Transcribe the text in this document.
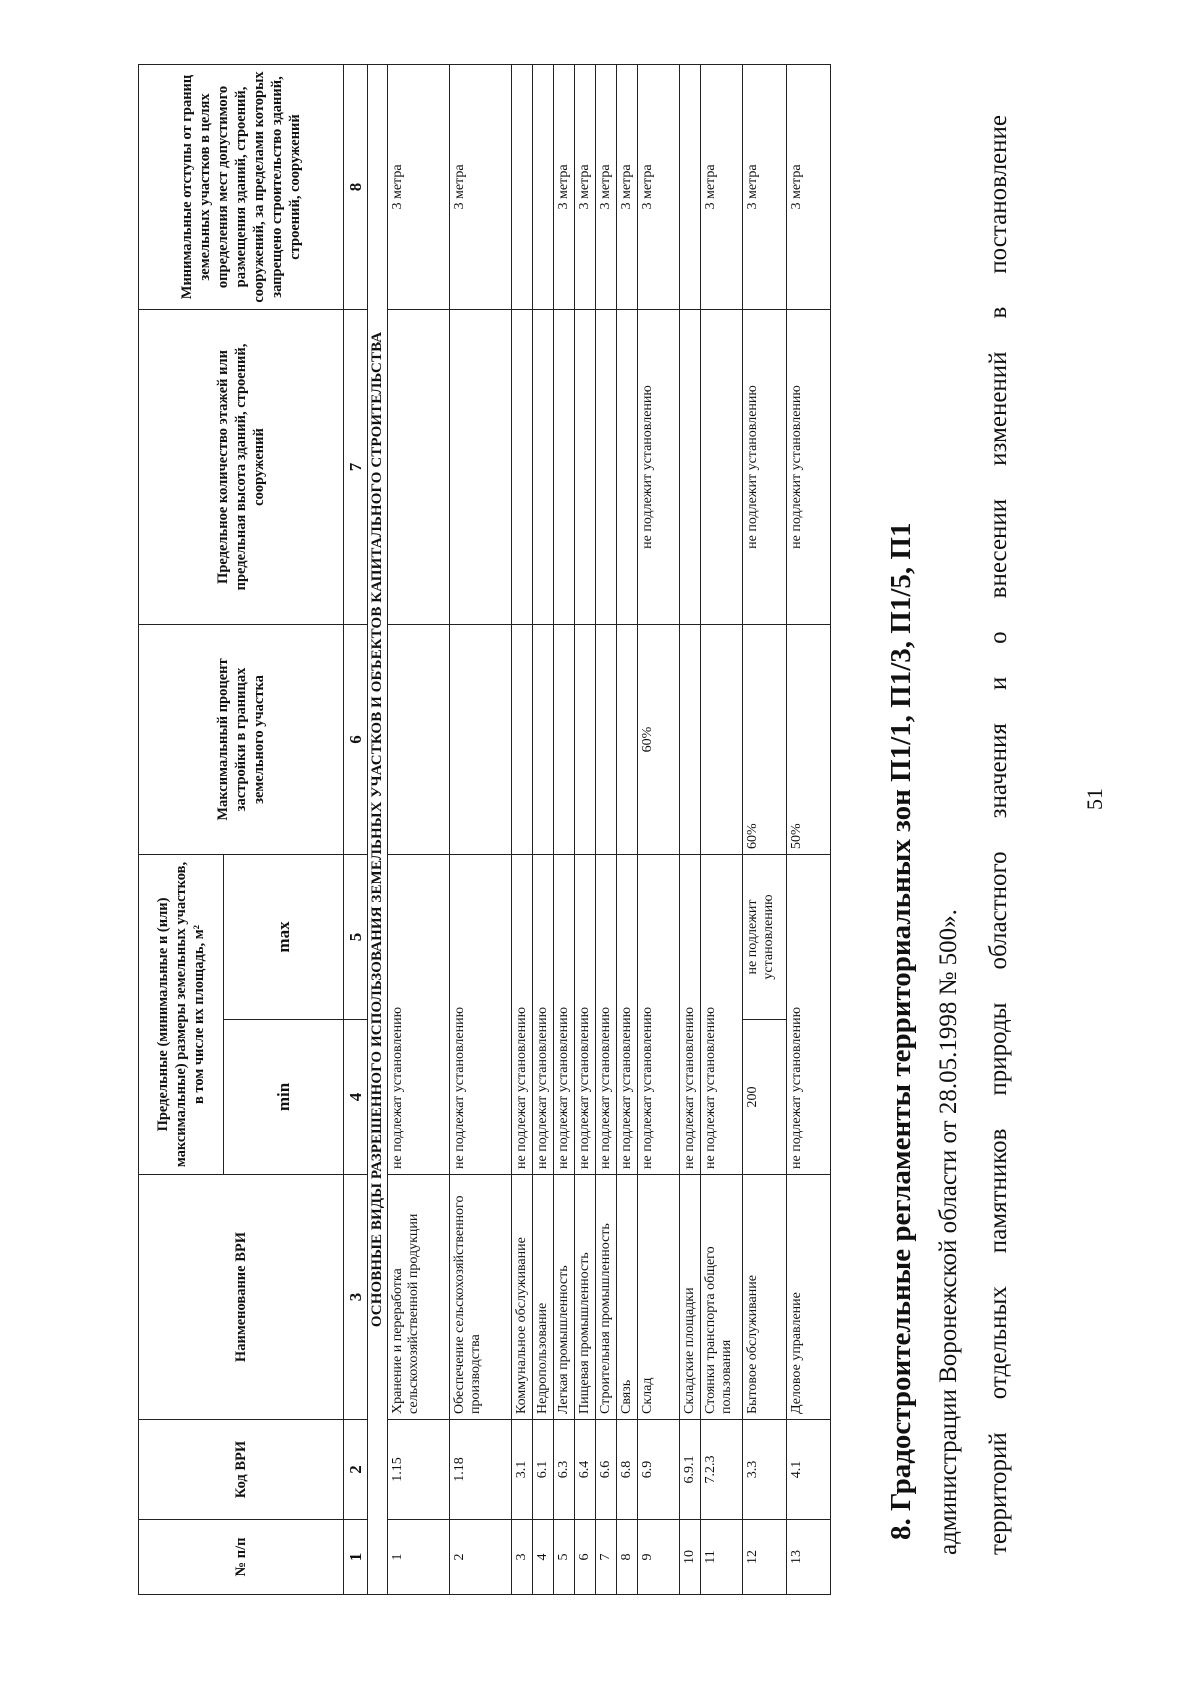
51
территорий отдельных памятников природы областного значения и о внесении изменений в постановление
администрации Воронежской области от 28.05.1998 № 500».
8. Градостроительные регламенты территориальных зон П1/1, П1/3, П1/5, П1
№ п/п	Код ВРИ	Наименование ВРИ	Предельные (минимальные и (или) максимальные) размеры земельных участков, в том числе их площадь, м²		Максимальный процент застройки в границах земельного участка	Предельное количество этажей или предельная высота зданий, строений, сооружений	Минимальные отступы от границ земельных участков в целях определения мест допустимого размещения зданий, строений, сооружений, за пределами которых запрещено строительство зданий, строений, сооружений
			min	max			
1	2	3	4	5	6	7	8
ОСНОВНЫЕ ВИДЫ РАЗРЕШЕННОГО ИСПОЛЬЗОВАНИЯ ЗЕМЕЛЬНЫХ УЧАСТКОВ И ОБЪЕКТОВ КАПИТАЛЬНОГО СТРОИТЕЛЬСТВА							
1	1.15	Хранение и переработка сельскохозяйственной продукции	не подлежат установлению				3 метра
2	1.18	Обеспечение сельскохозяйственного производства	не подлежат установлению				3 метра
3	3.1	Коммунальное обслуживание	не подлежат установлению				
4	6.1	Недропользование	не подлежат установлению				
5	6.3	Легкая промышленность	не подлежат установлению				3 метра
6	6.4	Пищевая промышленность	не подлежат установлению				3 метра
7	6.6	Строительная промышленность	не подлежат установлению				3 метра
8	6.8	Связь	не подлежат установлению				3 метра
9	6.9	Склад	не подлежат установлению		60%	не подлежит установлению	3 метра
10	6.9.1	Складские площадки	не подлежат установлению				
11	7.2.3	Стоянки транспорта общего пользования	не подлежат установлению				3 метра
12	3.3	Бытовое обслуживание	200	не подлежит установлению	60%	не подлежит установлению	3 метра
13	4.1	Деловое управление	не подлежат установлению		50%	не подлежит установлению	3 метра
